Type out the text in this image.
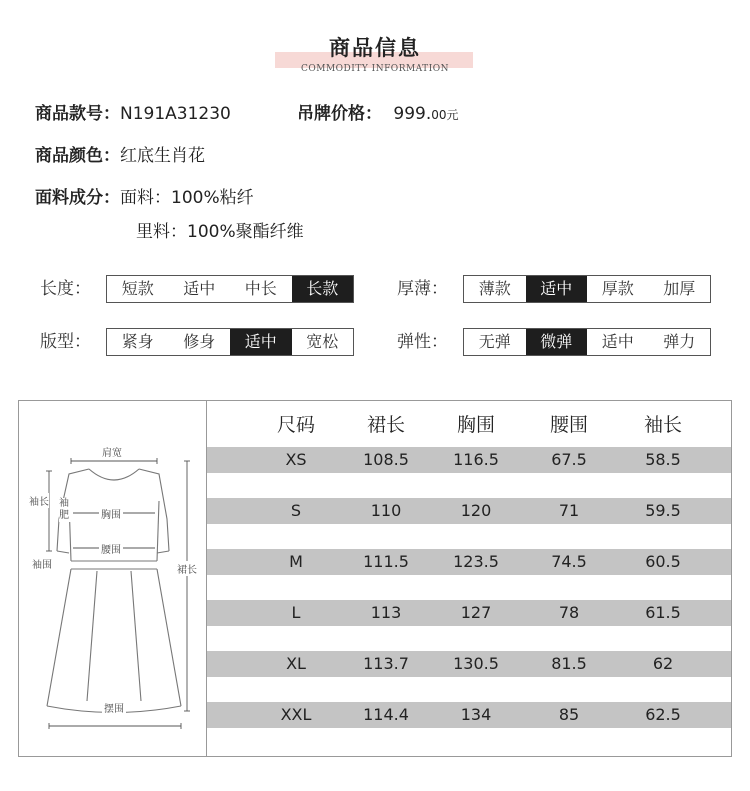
商品信息
COMMODITY INFORMATION
商品款号：N191A31230	吊牌价格： 999.00元
商品颜色：红底生肖花
面料成分：面料：100%粘纤
里料：100%聚酯纤维
长度：	短款	适中	中长	长款	厚薄：	薄款	适中	厚款	加厚
版型：	紧身	修身	适中	宽松	弹性：	无弹	微弹	适中	弹力
肩宽
袖长 袖肥	胸围
腰围
袖围	裙长
摆围
尺码	裙长	胸围	腰围	袖长
XS	108.5	116.5	67.5	58.5
S	110	120	71	59.5
M	111.5	123.5	74.5	60.5
L	113	127	78	61.5
XL	113.7	130.5	81.5	62
XXL	114.4	134	85	62.5
